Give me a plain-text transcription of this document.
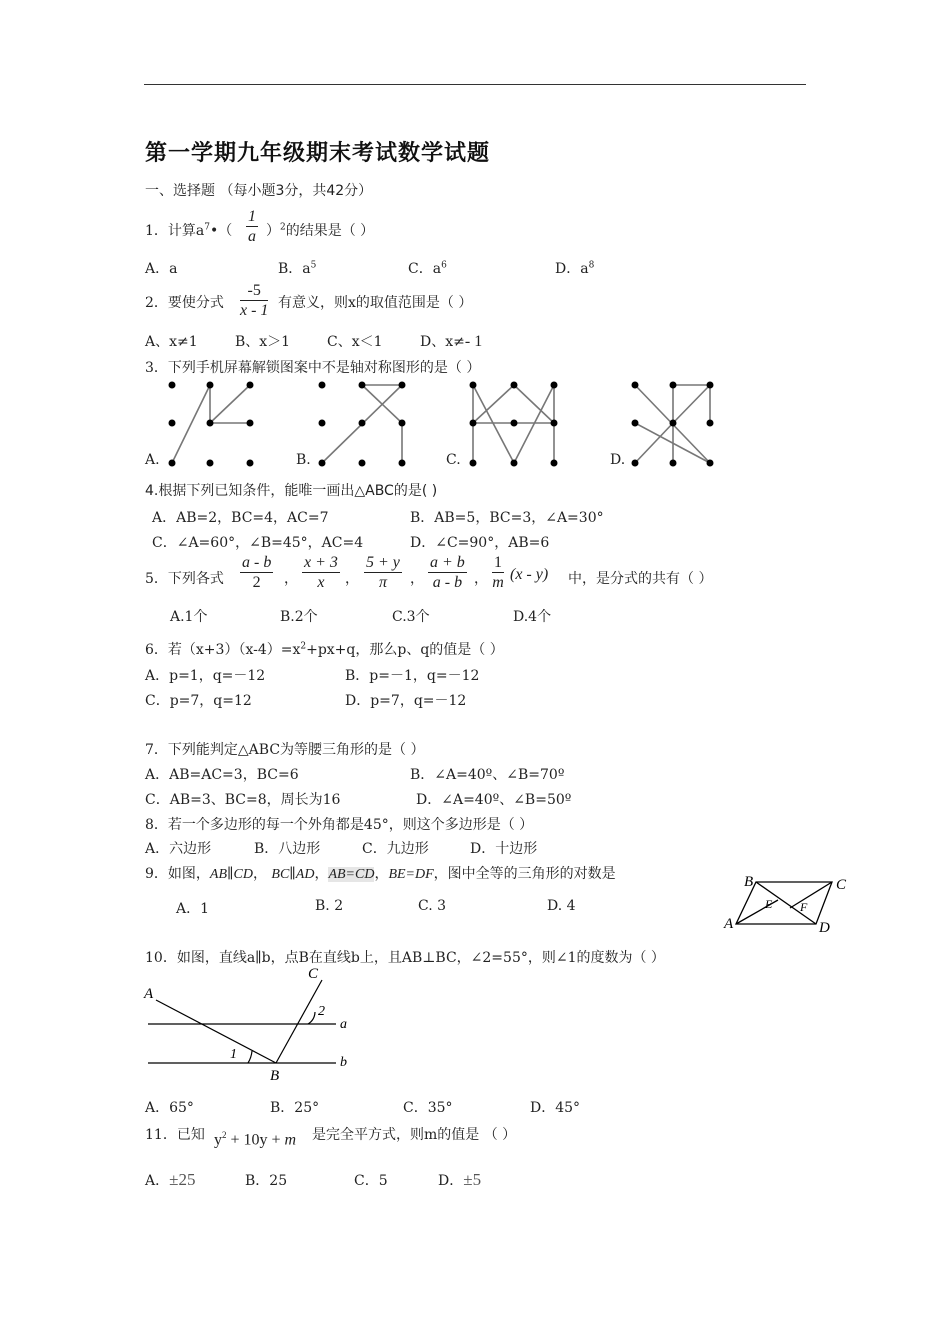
第一学期九年级期末考试数学试题
一、选择题 （每小题3分，共42分）
1．计算$a^7•( \frac{1}{a} )^2$的结果是（ ）
A．a	B．$a^5$	C．$a^6$	D．$a^8$
2．要使分式 $\frac{-5}{x - 1}$ 有意义，则x的取值范围是（ ）
A、x≠1	B、x＞1	C、x＜1	D、x≠- 1
3．下列手机屏幕解锁图案中不是轴对称图形的是（ ）
A.	B.	C.	D.
4.根据下列已知条件，能唯一画出△ABC的是( )
A．AB=2，BC=4，AC=7	B．AB=5，BC=3，∠A=30°
C．∠A=60°，∠B=45°，AC=4	D．∠C=90°，AB=6
5．下列各式 $\frac{a - b}{2}$ ， $\frac{x + 3}{x}$ ， $\frac{5 + y}{\pi}$ ， $\frac{a + b}{a - b}$ ， $\frac{1}{m} (x - y)$ 中，是分式的共有（ ）
A.1个	B.2个	C.3个	D.4个
6．若$(x+3)(x-4)=x^2+px+q$，那么p、q的值是（ ）
A．p=1，q=－12	B．p=－1，q=－12
C．p=7，q=12	D．p=7，q=－12
7．下列能判定△ABC为等腰三角形的是（ ）
A．AB=AC=3，BC=6	B．∠A=40º、∠B=70º
C．AB=3、BC=8，周长为16	D．∠A=40º、∠B=50º
8．若一个多边形的每一个外角都是45°，则这个多边形是（ ）
A．六边形	B．八边形	C．九边形	D．十边形
9．如图，AB∥CD， BC∥AD，AB=CD，BE=DF，图中全等的三角形的对数是
A．1	B. 2	C. 3	D. 4
B	C
A	D
E F
10．如图，直线a∥b，点B在直线b上，且AB⊥BC，∠2=55°，则∠1的度数为（ ）
A
C
2
a
1
B
b
A．65°	B．25°	C．35°	D．45°
11．已知 $y^2 + 10y + m$ 是完全平方式，则m的值是 （ ）
A．±25	B．25	C．5	D．±5
